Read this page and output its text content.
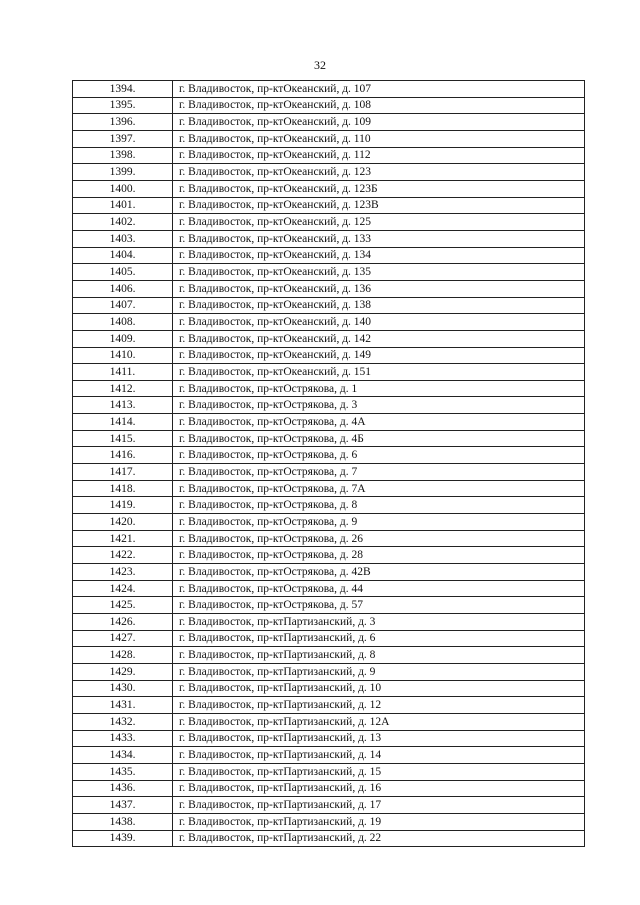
32
1394.	г. Владивосток, пр-ктОкеанский, д. 107
1395.	г. Владивосток, пр-ктОкеанский, д. 108
1396.	г. Владивосток, пр-ктОкеанский, д. 109
1397.	г. Владивосток, пр-ктОкеанский, д. 110
1398.	г. Владивосток, пр-ктОкеанский, д. 112
1399.	г. Владивосток, пр-ктОкеанский, д. 123
1400.	г. Владивосток, пр-ктОкеанский, д. 123Б
1401.	г. Владивосток, пр-ктОкеанский, д. 123В
1402.	г. Владивосток, пр-ктОкеанский, д. 125
1403.	г. Владивосток, пр-ктОкеанский, д. 133
1404.	г. Владивосток, пр-ктОкеанский, д. 134
1405.	г. Владивосток, пр-ктОкеанский, д. 135
1406.	г. Владивосток, пр-ктОкеанский, д. 136
1407.	г. Владивосток, пр-ктОкеанский, д. 138
1408.	г. Владивосток, пр-ктОкеанский, д. 140
1409.	г. Владивосток, пр-ктОкеанский, д. 142
1410.	г. Владивосток, пр-ктОкеанский, д. 149
1411.	г. Владивосток, пр-ктОкеанский, д. 151
1412.	г. Владивосток, пр-ктОстрякова, д. 1
1413.	г. Владивосток, пр-ктОстрякова, д. 3
1414.	г. Владивосток, пр-ктОстрякова, д. 4А
1415.	г. Владивосток, пр-ктОстрякова, д. 4Б
1416.	г. Владивосток, пр-ктОстрякова, д. 6
1417.	г. Владивосток, пр-ктОстрякова, д. 7
1418.	г. Владивосток, пр-ктОстрякова, д. 7А
1419.	г. Владивосток, пр-ктОстрякова, д. 8
1420.	г. Владивосток, пр-ктОстрякова, д. 9
1421.	г. Владивосток, пр-ктОстрякова, д. 26
1422.	г. Владивосток, пр-ктОстрякова, д. 28
1423.	г. Владивосток, пр-ктОстрякова, д. 42В
1424.	г. Владивосток, пр-ктОстрякова, д. 44
1425.	г. Владивосток, пр-ктОстрякова, д. 57
1426.	г. Владивосток, пр-ктПартизанский, д. 3
1427.	г. Владивосток, пр-ктПартизанский, д. 6
1428.	г. Владивосток, пр-ктПартизанский, д. 8
1429.	г. Владивосток, пр-ктПартизанский, д. 9
1430.	г. Владивосток, пр-ктПартизанский, д. 10
1431.	г. Владивосток, пр-ктПартизанский, д. 12
1432.	г. Владивосток, пр-ктПартизанский, д. 12А
1433.	г. Владивосток, пр-ктПартизанский, д. 13
1434.	г. Владивосток, пр-ктПартизанский, д. 14
1435.	г. Владивосток, пр-ктПартизанский, д. 15
1436.	г. Владивосток, пр-ктПартизанский, д. 16
1437.	г. Владивосток, пр-ктПартизанский, д. 17
1438.	г. Владивосток, пр-ктПартизанский, д. 19
1439.	г. Владивосток, пр-ктПартизанский, д. 22
